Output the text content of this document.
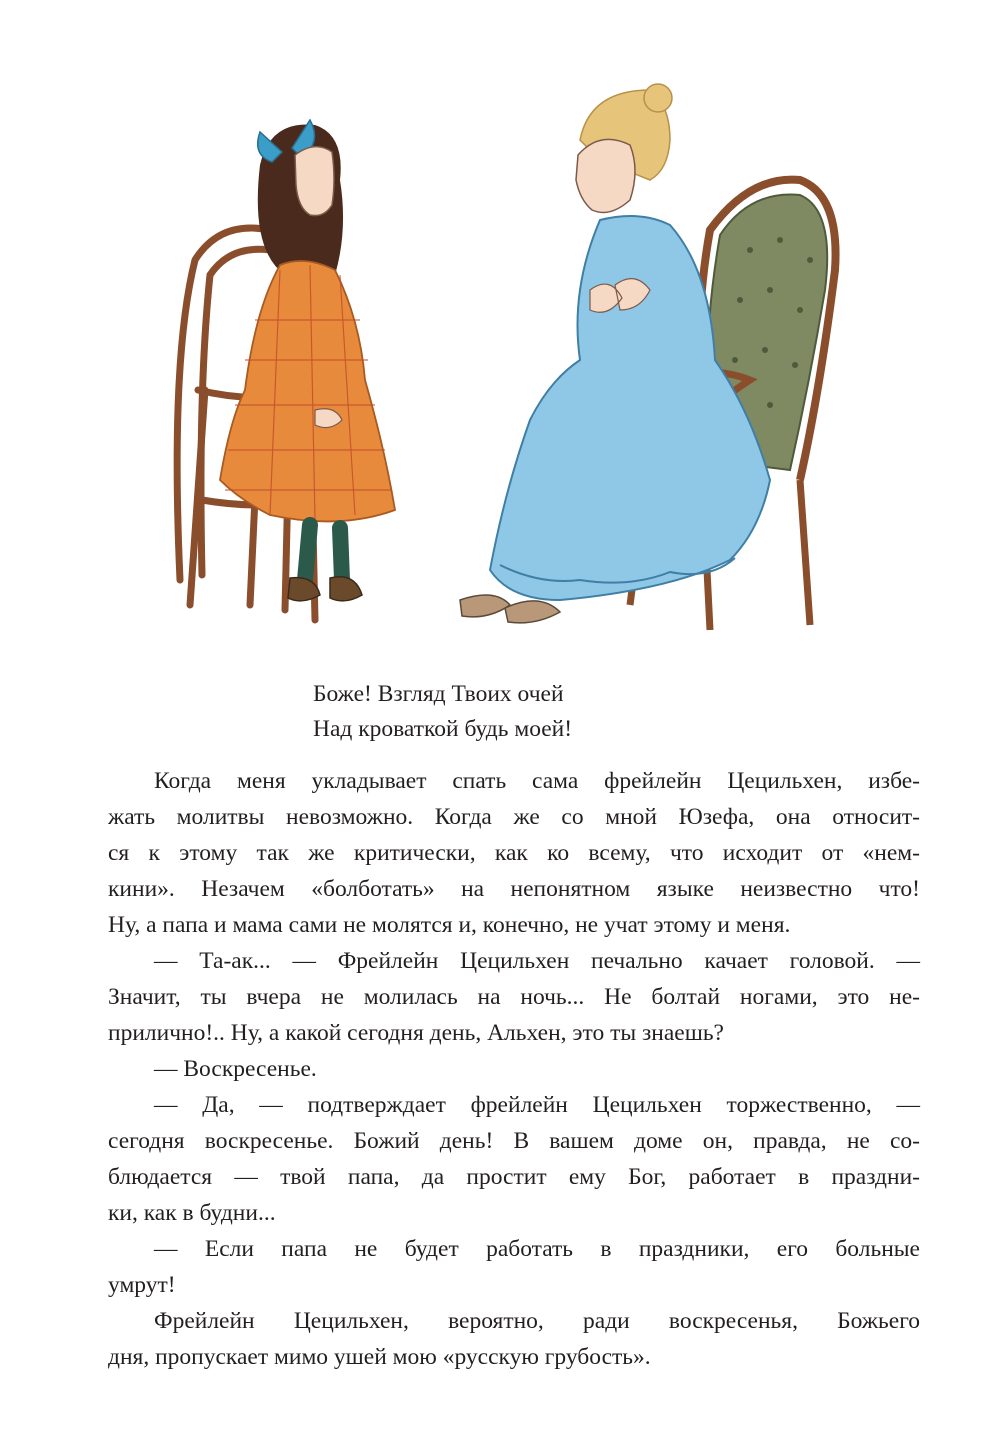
Боже! Взгляд Твоих очей
Над кроваткой будь моей!
Когда меня укладывает спать сама фрейлейн Цецильхен, избе-
жать молитвы невозможно. Когда же со мной Юзефа, она относит-
ся к этому так же критически, как ко всему, что исходит от «нем-
кини». Незачем «болботать» на непонятном языке неизвестно что!
Ну, а папа и мама сами не молятся и, конечно, не учат этому и меня.
— Та-ак... — Фрейлейн Цецильхен печально качает головой. —
Значит, ты вчера не молилась на ночь... Не болтай ногами, это не-
прилично!.. Ну, а какой сегодня день, Альхен, это ты знаешь?
— Воскресенье.
— Да, — подтверждает фрейлейн Цецильхен торжественно, —
сегодня воскресенье. Божий день! В вашем доме он, правда, не со-
блюдается — твой папа, да простит ему Бог, работает в праздни-
ки, как в будни...
— Если папа не будет работать в праздники, его больные
умрут!
Фрейлейн Цецильхен, вероятно, ради воскресенья, Божьего
дня, пропускает мимо ушей мою «русскую грубость».
